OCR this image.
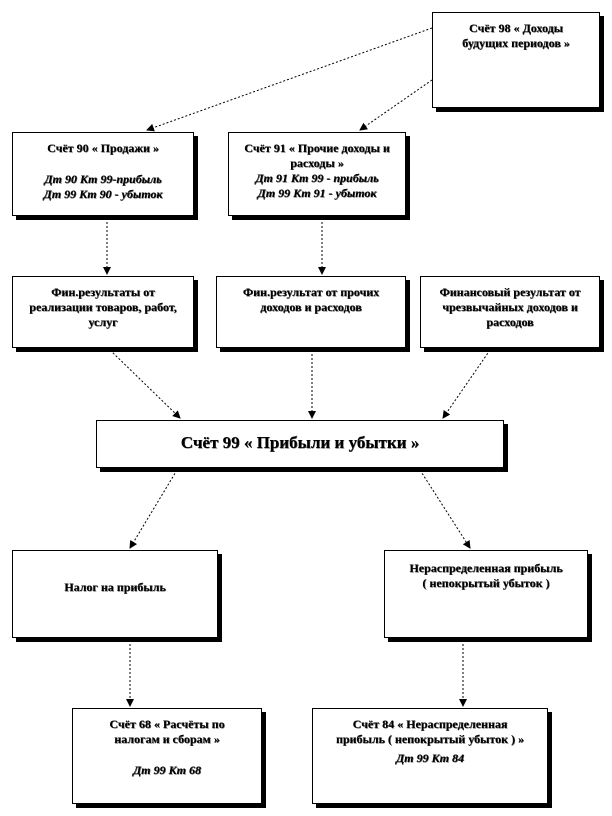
Счёт 98 « Доходы будущих периодов »
Счёт 90 « Продажи »
Дт 90 Кт 99-прибыль
Дт 99 Кт 90 - убыток
Счёт 91 « Прочие доходы и расходы »
Дт 91 Кт 99 - прибыль
Дт 99 Кт 91 - убыток
Фин.результаты от реализации товаров, работ, услуг
Фин.результат от прочих доходов и расходов
Финансовый результат от чрезвычайных доходов и расходов
Счёт 99 « Прибыли и убытки »
Налог на прибыль
Нераспределенная прибыль ( непокрытый убыток )
Счёт 68 « Расчёты по налогам и сборам »
Дт 99 Кт 68
Счёт 84 « Нераспределенная прибыль ( непокрытый убыток ) »
Дт 99 Кт 84
